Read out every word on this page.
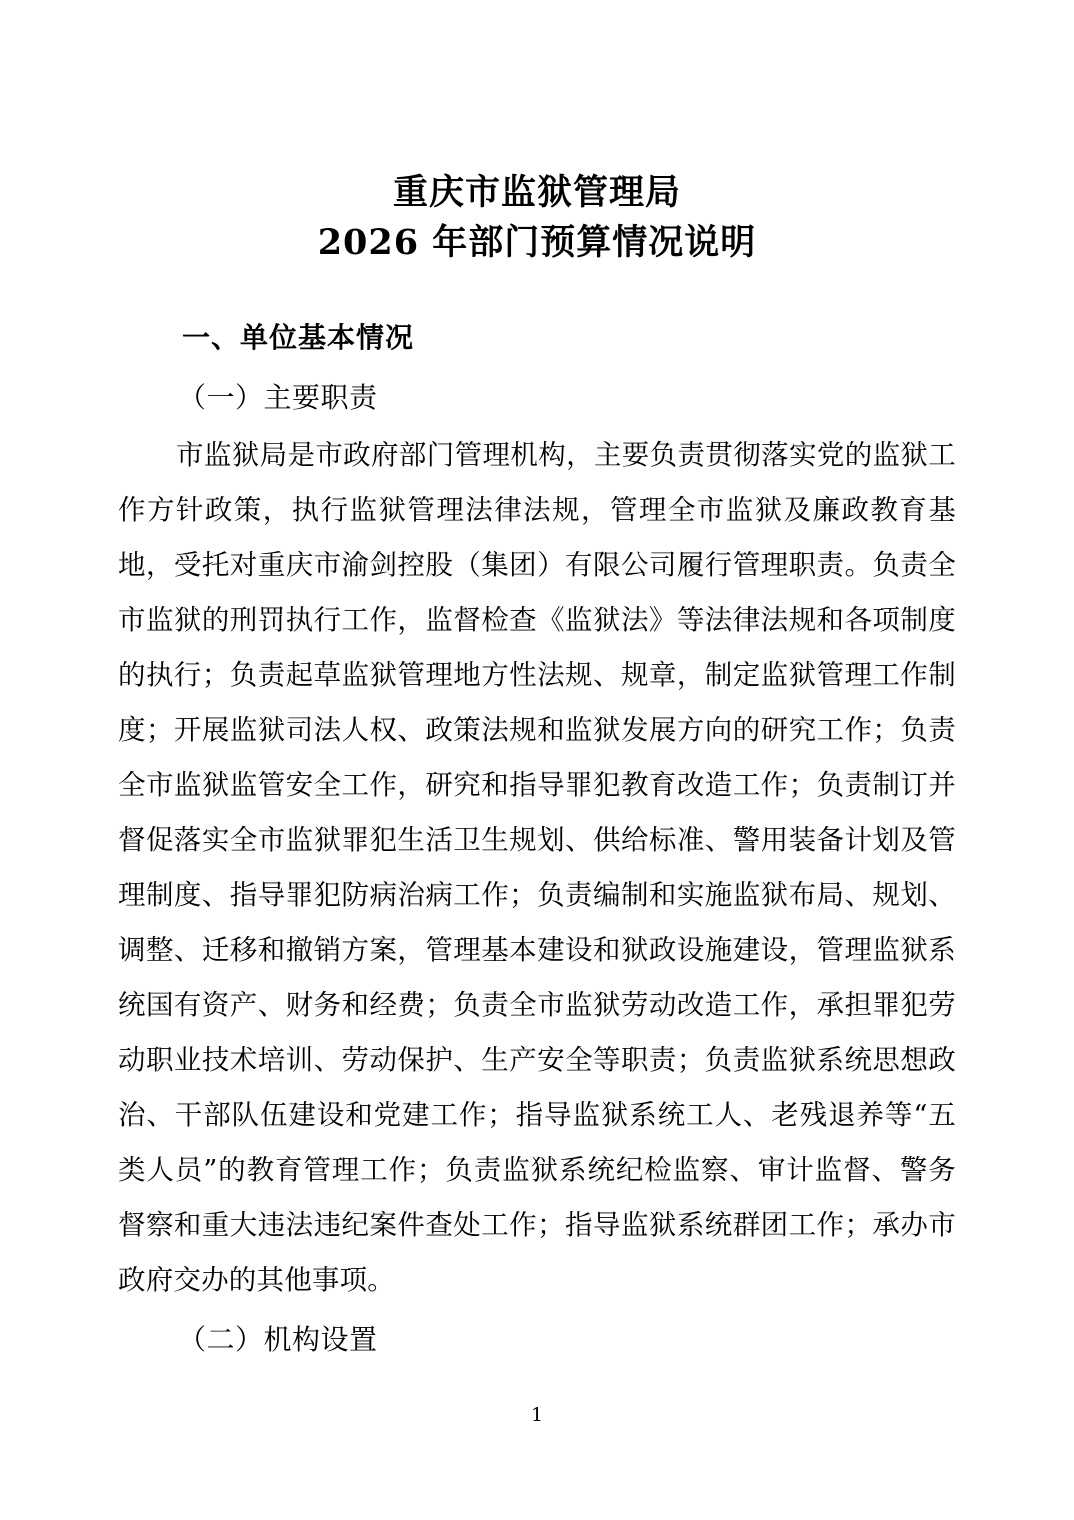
重庆市监狱管理局
2026 年部门预算情况说明
一、单位基本情况
（一）主要职责
市监狱局是市政府部门管理机构，主要负责贯彻落实党的监狱工作方针政策，执行监狱管理法律法规，管理全市监狱及廉政教育基地，受托对重庆市渝剑控股（集团）有限公司履行管理职责。负责全市监狱的刑罚执行工作，监督检查《监狱法》等法律法规和各项制度的执行；负责起草监狱管理地方性法规、规章，制定监狱管理工作制度；开展监狱司法人权、政策法规和监狱发展方向的研究工作；负责全市监狱监管安全工作，研究和指导罪犯教育改造工作；负责制订并督促落实全市监狱罪犯生活卫生规划、供给标准、警用装备计划及管理制度、指导罪犯防病治病工作；负责编制和实施监狱布局、规划、调整、迁移和撤销方案，管理基本建设和狱政设施建设，管理监狱系统国有资产、财务和经费；负责全市监狱劳动改造工作，承担罪犯劳动职业技术培训、劳动保护、生产安全等职责；负责监狱系统思想政治、干部队伍建设和党建工作；指导监狱系统工人、老残退养等“五类人员”的教育管理工作；负责监狱系统纪检监察、审计监督、警务督察和重大违法违纪案件查处工作；指导监狱系统群团工作；承办市政府交办的其他事项。
（二）机构设置
1
